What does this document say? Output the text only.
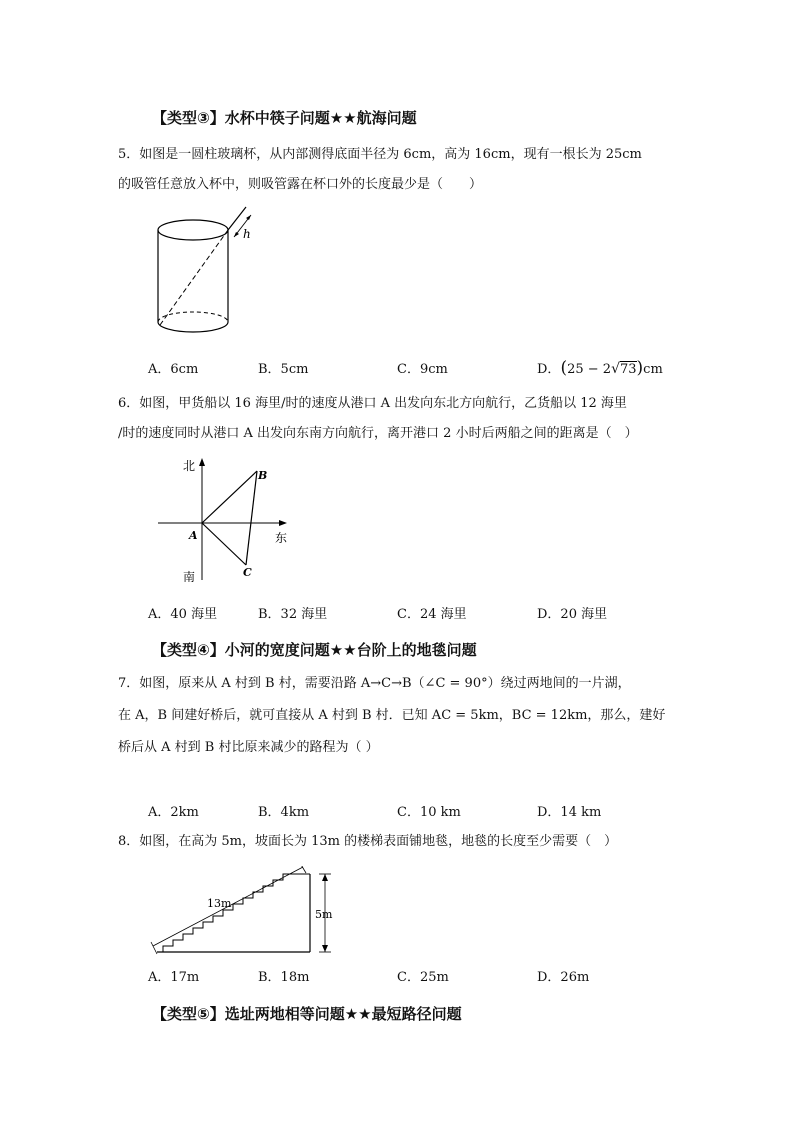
【类型③】水杯中筷子问题★★航海问题
5．如图是一圆柱玻璃杯，从内部测得底面半径为 6cm，高为 16cm，现有一根长为 25cm
的吸管任意放入杯中，则吸管露在杯口外的长度最少是（　　）
h
A．6cm	B．5cm	C．9cm	D．(25 − 2√73)cm
6．如图，甲货船以 16 海里/时的速度从港口 A 出发向东北方向航行，乙货船以 12 海里
/时的速度同时从港口 A 出发向东南方向航行，离开港口 2 小时后两船之间的距离是（　）
北
南
东
A
B
C
A．40 海里	B．32 海里	C．24 海里	D．20 海里
【类型④】小河的宽度问题★★台阶上的地毯问题
7．如图，原来从 A 村到 B 村，需要沿路 A→C→B（∠C = 90°）绕过两地间的一片湖，
在 A，B 间建好桥后，就可直接从 A 村到 B 村．已知 AC = 5km，BC = 12km，那么，建好
桥后从 A 村到 B 村比原来减少的路程为（ ）
A．2km	B．4km	C．10 km	D．14 km
8．如图，在高为 5m，坡面长为 13m 的楼梯表面铺地毯，地毯的长度至少需要（　）
13m
5m
A．17m	B．18m	C．25m	D．26m
【类型⑤】选址两地相等问题★★最短路径问题
